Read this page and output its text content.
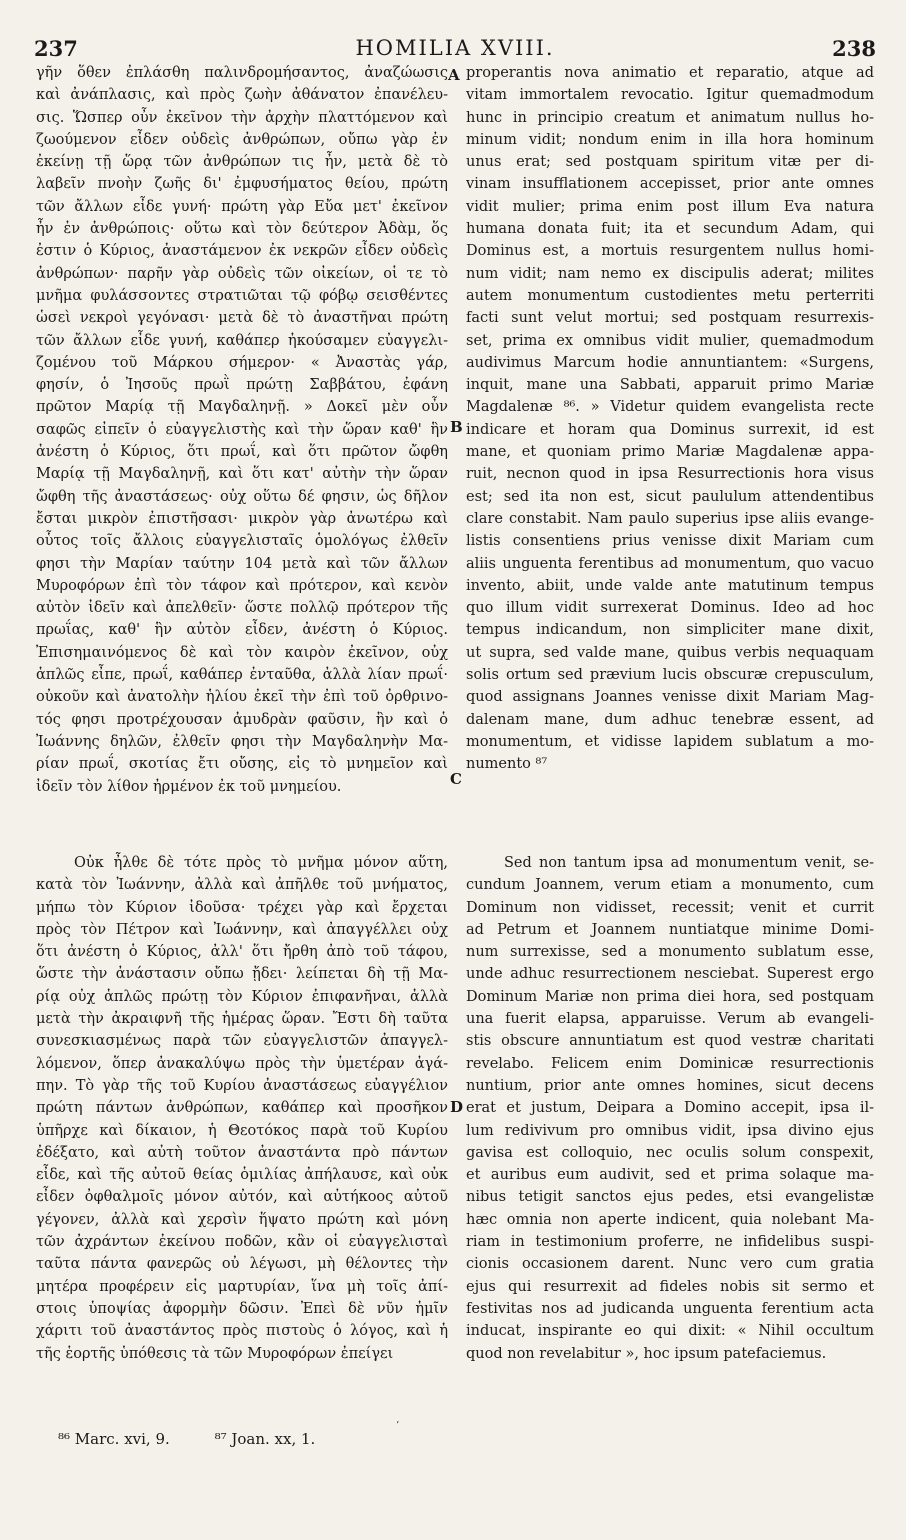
237	HOMILIA XVIII.	238
γῆν ὅθεν ἐπλάσθη παλινδρομήσαντος, ἀναζώωσις
καὶ ἀνάπλασις, καὶ πρὸς ζωὴν ἀθάνατον ἐπανέλευ-
σις. Ὥσπερ οὖν ἐκεῖνον τὴν ἀρχὴν πλαττόμενον καὶ
ζωούμενον εἶδεν οὐδεὶς ἀνθρώπων, οὔπω γὰρ ἐν
ἐκείνῃ τῇ ὥρᾳ τῶν ἀνθρώπων τις ἦν, μετὰ δὲ τὸ
λαβεῖν πνοὴν ζωῆς δι' ἐμφυσήματος θείου, πρώτη
τῶν ἄλλων εἶδε γυνή· πρώτη γὰρ Εὔα μετ' ἐκεῖνον
ἦν ἐν ἀνθρώποις· οὕτω καὶ τὸν δεύτερον Ἀδὰμ, ὅς
ἐστιν ὁ Κύριος, ἀναστάμενον ἐκ νεκρῶν εἶδεν οὐδεὶς
ἀνθρώπων· παρῆν γὰρ οὐδεὶς τῶν οἰκείων, οἱ τε τὸ
μνῆμα φυλάσσοντες στρατιῶται τῷ φόβῳ σεισθέντες
ὡσεὶ νεκροὶ γεγόνασι· μετὰ δὲ τὸ ἀναστῆναι πρώτη
τῶν ἄλλων εἶδε γυνή, καθάπερ ἠκούσαμεν εὐαγγελι-
ζομένου τοῦ Μάρκου σήμερον· « Ἀναστὰς γάρ,
φησίν, ὁ Ἰησοῦς πρωῒ πρώτῃ Σαββάτου, ἐφάνη
πρῶτον Μαρίᾳ τῇ Μαγδαληνῇ. » Δοκεῖ μὲν οὖν
σαφῶς εἰπεῖν ὁ εὐαγγελιστὴς καὶ τὴν ὥραν καθ' ἣν
ἀνέστη ὁ Κύριος, ὅτι πρωΐ, καὶ ὅτι πρῶτον ὤφθη
Μαρίᾳ τῇ Μαγδαληνῇ, καὶ ὅτι κατ' αὐτὴν τὴν ὥραν
ὤφθη τῆς ἀναστάσεως· οὐχ οὕτω δέ φησιν, ὡς δῆλον
ἔσται μικρὸν ἐπιστῆσασι· μικρὸν γὰρ ἀνωτέρω καὶ
οὗτος τοῖς ἄλλοις εὐαγγελισταῖς ὁμολόγως ἐλθεῖν
φησι τὴν Μαρίαν ταύτην 104 μετὰ καὶ τῶν ἄλλων
Μυροφόρων ἐπὶ τὸν τάφον καὶ πρότερον, καὶ κενὸν
αὐτὸν ἰδεῖν καὶ ἀπελθεῖν· ὥστε πολλῷ πρότερον τῆς
πρωΐας, καθ' ἣν αὐτὸν εἶδεν, ἀνέστη ὁ Κύριος.
Ἐπισημαινόμενος δὲ καὶ τὸν καιρὸν ἐκεῖνον, οὐχ
ἁπλῶς εἶπε, πρωΐ, καθάπερ ἐνταῦθα, ἀλλὰ λίαν πρωΐ·
οὐκοῦν καὶ ἀνατολὴν ἡλίου ἐκεῖ τὴν ἐπὶ τοῦ ὀρθρινο-
τός φησι προτρέχουσαν ἀμυδρὰν φαῦσιν, ἣν καὶ ὁ
Ἰωάννης δηλῶν, ἐλθεῖν φησι τὴν Μαγδαληνὴν Μα-
ρίαν πρωΐ, σκοτίας ἔτι οὔσης, εἰς τὸ μνημεῖον καὶ
ἰδεῖν τὸν λίθον ἠρμένον ἐκ τοῦ μνημείου.
Οὐκ ἦλθε δὲ τότε πρὸς τὸ μνῆμα μόνον αὕτη,
κατὰ τὸν Ἰωάννην, ἀλλὰ καὶ ἀπῆλθε τοῦ μνήματος,
μήπω τὸν Κύριον ἰδοῦσα· τρέχει γὰρ καὶ ἔρχεται
πρὸς τὸν Πέτρον καὶ Ἰωάννην, καὶ ἀπαγγέλλει οὐχ
ὅτι ἀνέστη ὁ Κύριος, ἀλλ' ὅτι ἤρθη ἀπὸ τοῦ τάφου,
ὥστε τὴν ἀνάστασιν οὔπω ᾔδει· λείπεται δὴ τῇ Μα-
ρίᾳ οὐχ ἁπλῶς πρώτῃ τὸν Κύριον ἐπιφανῆναι, ἀλλὰ
μετὰ τὴν ἀκραιφνῆ τῆς ἡμέρας ὥραν. Ἔστι δὴ ταῦτα
συνεσκιασμένως παρὰ τῶν εὐαγγελιστῶν ἀπαγγελ-
λόμενον, ὅπερ ἀνακαλύψω πρὸς τὴν ὑμετέραν ἀγά-
πην. Τὸ γὰρ τῆς τοῦ Κυρίου ἀναστάσεως εὐαγγέλιον
πρώτη πάντων ἀνθρώπων, καθάπερ καὶ προσῆκον
ὑπῆρχε καὶ δίκαιον, ἡ Θεοτόκος παρὰ τοῦ Κυρίου
ἐδέξατο, καὶ αὐτὴ τοῦτον ἀναστάντα πρὸ πάντων
εἶδε, καὶ τῆς αὐτοῦ θείας ὁμιλίας ἀπήλαυσε, καὶ οὐκ
εἶδεν ὀφθαλμοῖς μόνον αὐτόν, καὶ αὐτήκοος αὐτοῦ
γέγονεν, ἀλλὰ καὶ χερσὶν ἥψατο πρώτη καὶ μόνη
τῶν ἀχράντων ἐκείνου ποδῶν, κἂν οἱ εὐαγγελισταὶ
ταῦτα πάντα φανερῶς οὐ λέγωσι, μὴ θέλοντες τὴν
μητέρα προφέρειν εἰς μαρτυρίαν, ἵνα μὴ τοῖς ἀπί-
στοις ὑποψίας ἀφορμὴν δῶσιν. Ἐπεὶ δὲ νῦν ἡμῖν
χάριτι τοῦ ἀναστάντος πρὸς πιστοὺς ὁ λόγος, καὶ ἡ
τῆς ἑορτῆς ὑπόθεσις τὰ τῶν Μυροφόρων ἐπείγει
properantis nova animatio et reparatio, atque ad
vitam immortalem revocatio. Igitur quemadmodum
hunc in principio creatum et animatum nullus ho-
minum vidit; nondum enim in illa hora hominum
unus erat; sed postquam spiritum vitæ per di-
vinam insufflationem accepisset, prior ante omnes
vidit mulier; prima enim post illum Eva natura
humana donata fuit; ita et secundum Adam, qui
Dominus est, a mortuis resurgentem nullus homi-
num vidit; nam nemo ex discipulis aderat; milites
autem monumentum custodientes metu perterriti
facti sunt velut mortui; sed postquam resurrexis-
set, prima ex omnibus vidit mulier, quemadmodum
audivimus Marcum hodie annuntiantem: «Surgens,
inquit, mane una Sabbati, apparuit primo Mariæ
Magdalenæ ⁸⁶. » Videtur quidem evangelista recte
indicare et horam qua Dominus surrexit, id est
mane, et quoniam primo Mariæ Magdalenæ appa-
ruit, necnon quod in ipsa Resurrectionis hora visus
est; sed ita non est, sicut paululum attendentibus
clare constabit. Nam paulo superius ipse aliis evange-
listis consentiens prius venisse dixit Mariam cum
aliis unguenta ferentibus ad monumentum, quo vacuo
invento, abiit, unde valde ante matutinum tempus
quo illum vidit surrexerat Dominus. Ideo ad hoc
tempus indicandum, non simpliciter mane dixit,
ut supra, sed valde mane, quibus verbis nequaquam
solis ortum sed prævium lucis obscuræ crepusculum,
quod assignans Joannes venisse dixit Mariam Mag-
dalenam mane, dum adhuc tenebræ essent, ad
monumentum, et vidisse lapidem sublatum a mo-
numento ⁸⁷
Sed non tantum ipsa ad monumentum venit, se-
cundum Joannem, verum etiam a monumento, cum
Dominum non vidisset, recessit; venit et currit
ad Petrum et Joannem nuntiatque minime Domi-
num surrexisse, sed a monumento sublatum esse,
unde adhuc resurrectionem nesciebat. Superest ergo
Dominum Mariæ non prima diei hora, sed postquam
una fuerit elapsa, apparuisse. Verum ab evangeli-
stis obscure annuntiatum est quod vestræ charitati
revelabo. Felicem enim Dominicæ resurrectionis
nuntium, prior ante omnes homines, sicut decens
erat et justum, Deipara a Domino accepit, ipsa il-
lum redivivum pro omnibus vidit, ipsa divino ejus
gavisa est colloquio, nec oculis solum conspexit,
et auribus eum audivit, sed et prima solaque ma-
nibus tetigit sanctos ejus pedes, etsi evangelistæ
hæc omnia non aperte indicent, quia nolebant Ma-
riam in testimonium proferre, ne infidelibus suspi-
cionis occasionem darent. Nunc vero cum gratia
ejus qui resurrexit ad fideles nobis sit sermo et
festivitas nos ad judicanda unguenta ferentium acta
inducat, inspirante eo qui dixit: « Nihil occultum
quod non revelabitur », hoc ipsum patefaciemus.
A
B
C
D
ʼ
⁸⁶ Marc. xvi, 9.	⁸⁷ Joan. xx, 1.
